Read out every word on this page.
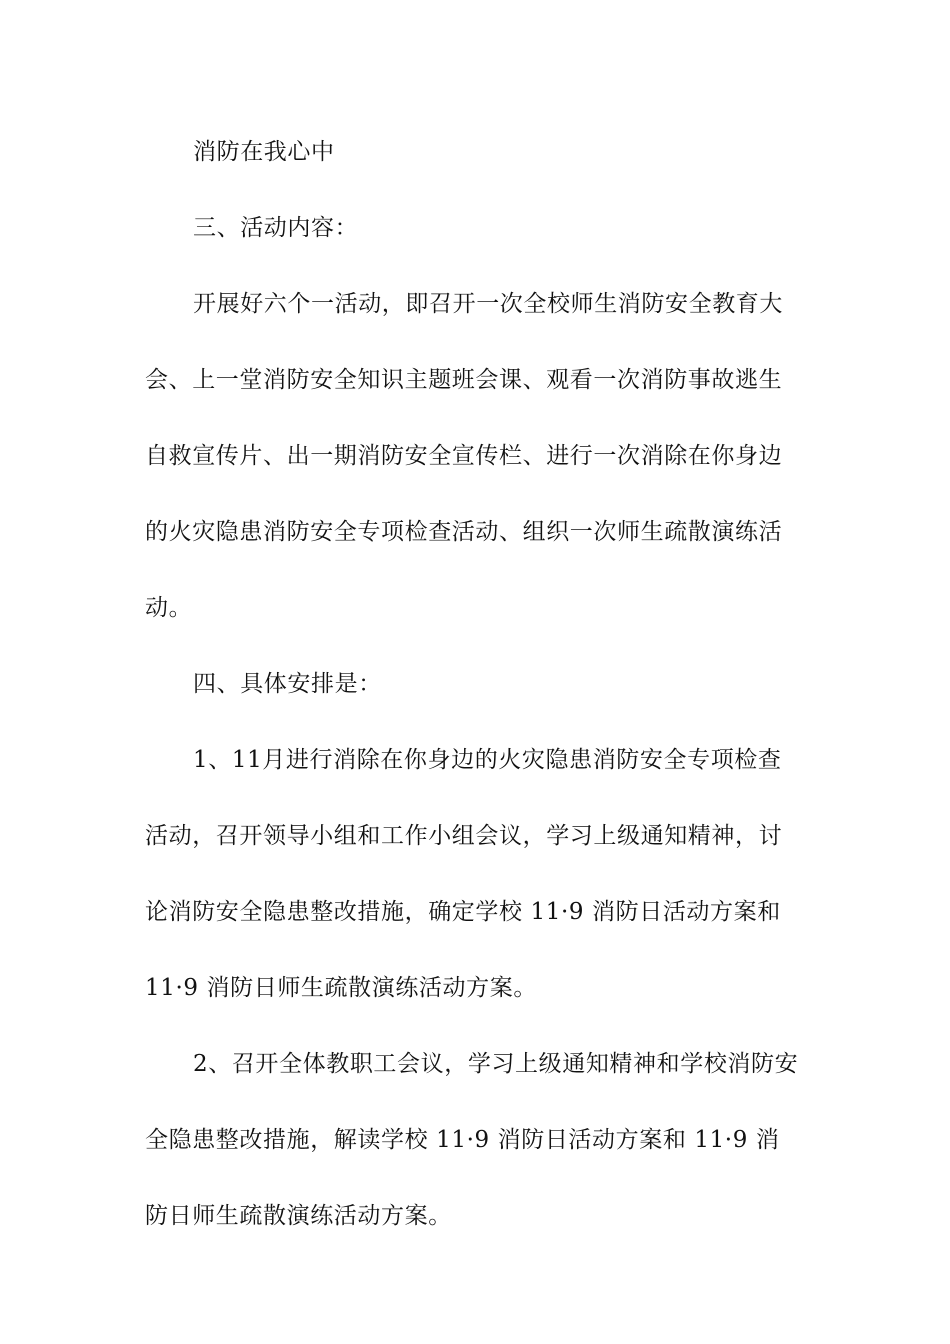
消防在我心中
三、活动内容：
开展好六个一活动，即召开一次全校师生消防安全教育大
会、上一堂消防安全知识主题班会课、观看一次消防事故逃生
自救宣传片、出一期消防安全宣传栏、进行一次消除在你身边
的火灾隐患消防安全专项检查活动、组织一次师生疏散演练活
动。
四、具体安排是：
1、11月进行消除在你身边的火灾隐患消防安全专项检查
活动，召开领导小组和工作小组会议，学习上级通知精神，讨
论消防安全隐患整改措施，确定学校 11·9 消防日活动方案和
11·9 消防日师生疏散演练活动方案。
2、召开全体教职工会议，学习上级通知精神和学校消防安
全隐患整改措施，解读学校 11·9 消防日活动方案和 11·9 消
防日师生疏散演练活动方案。
